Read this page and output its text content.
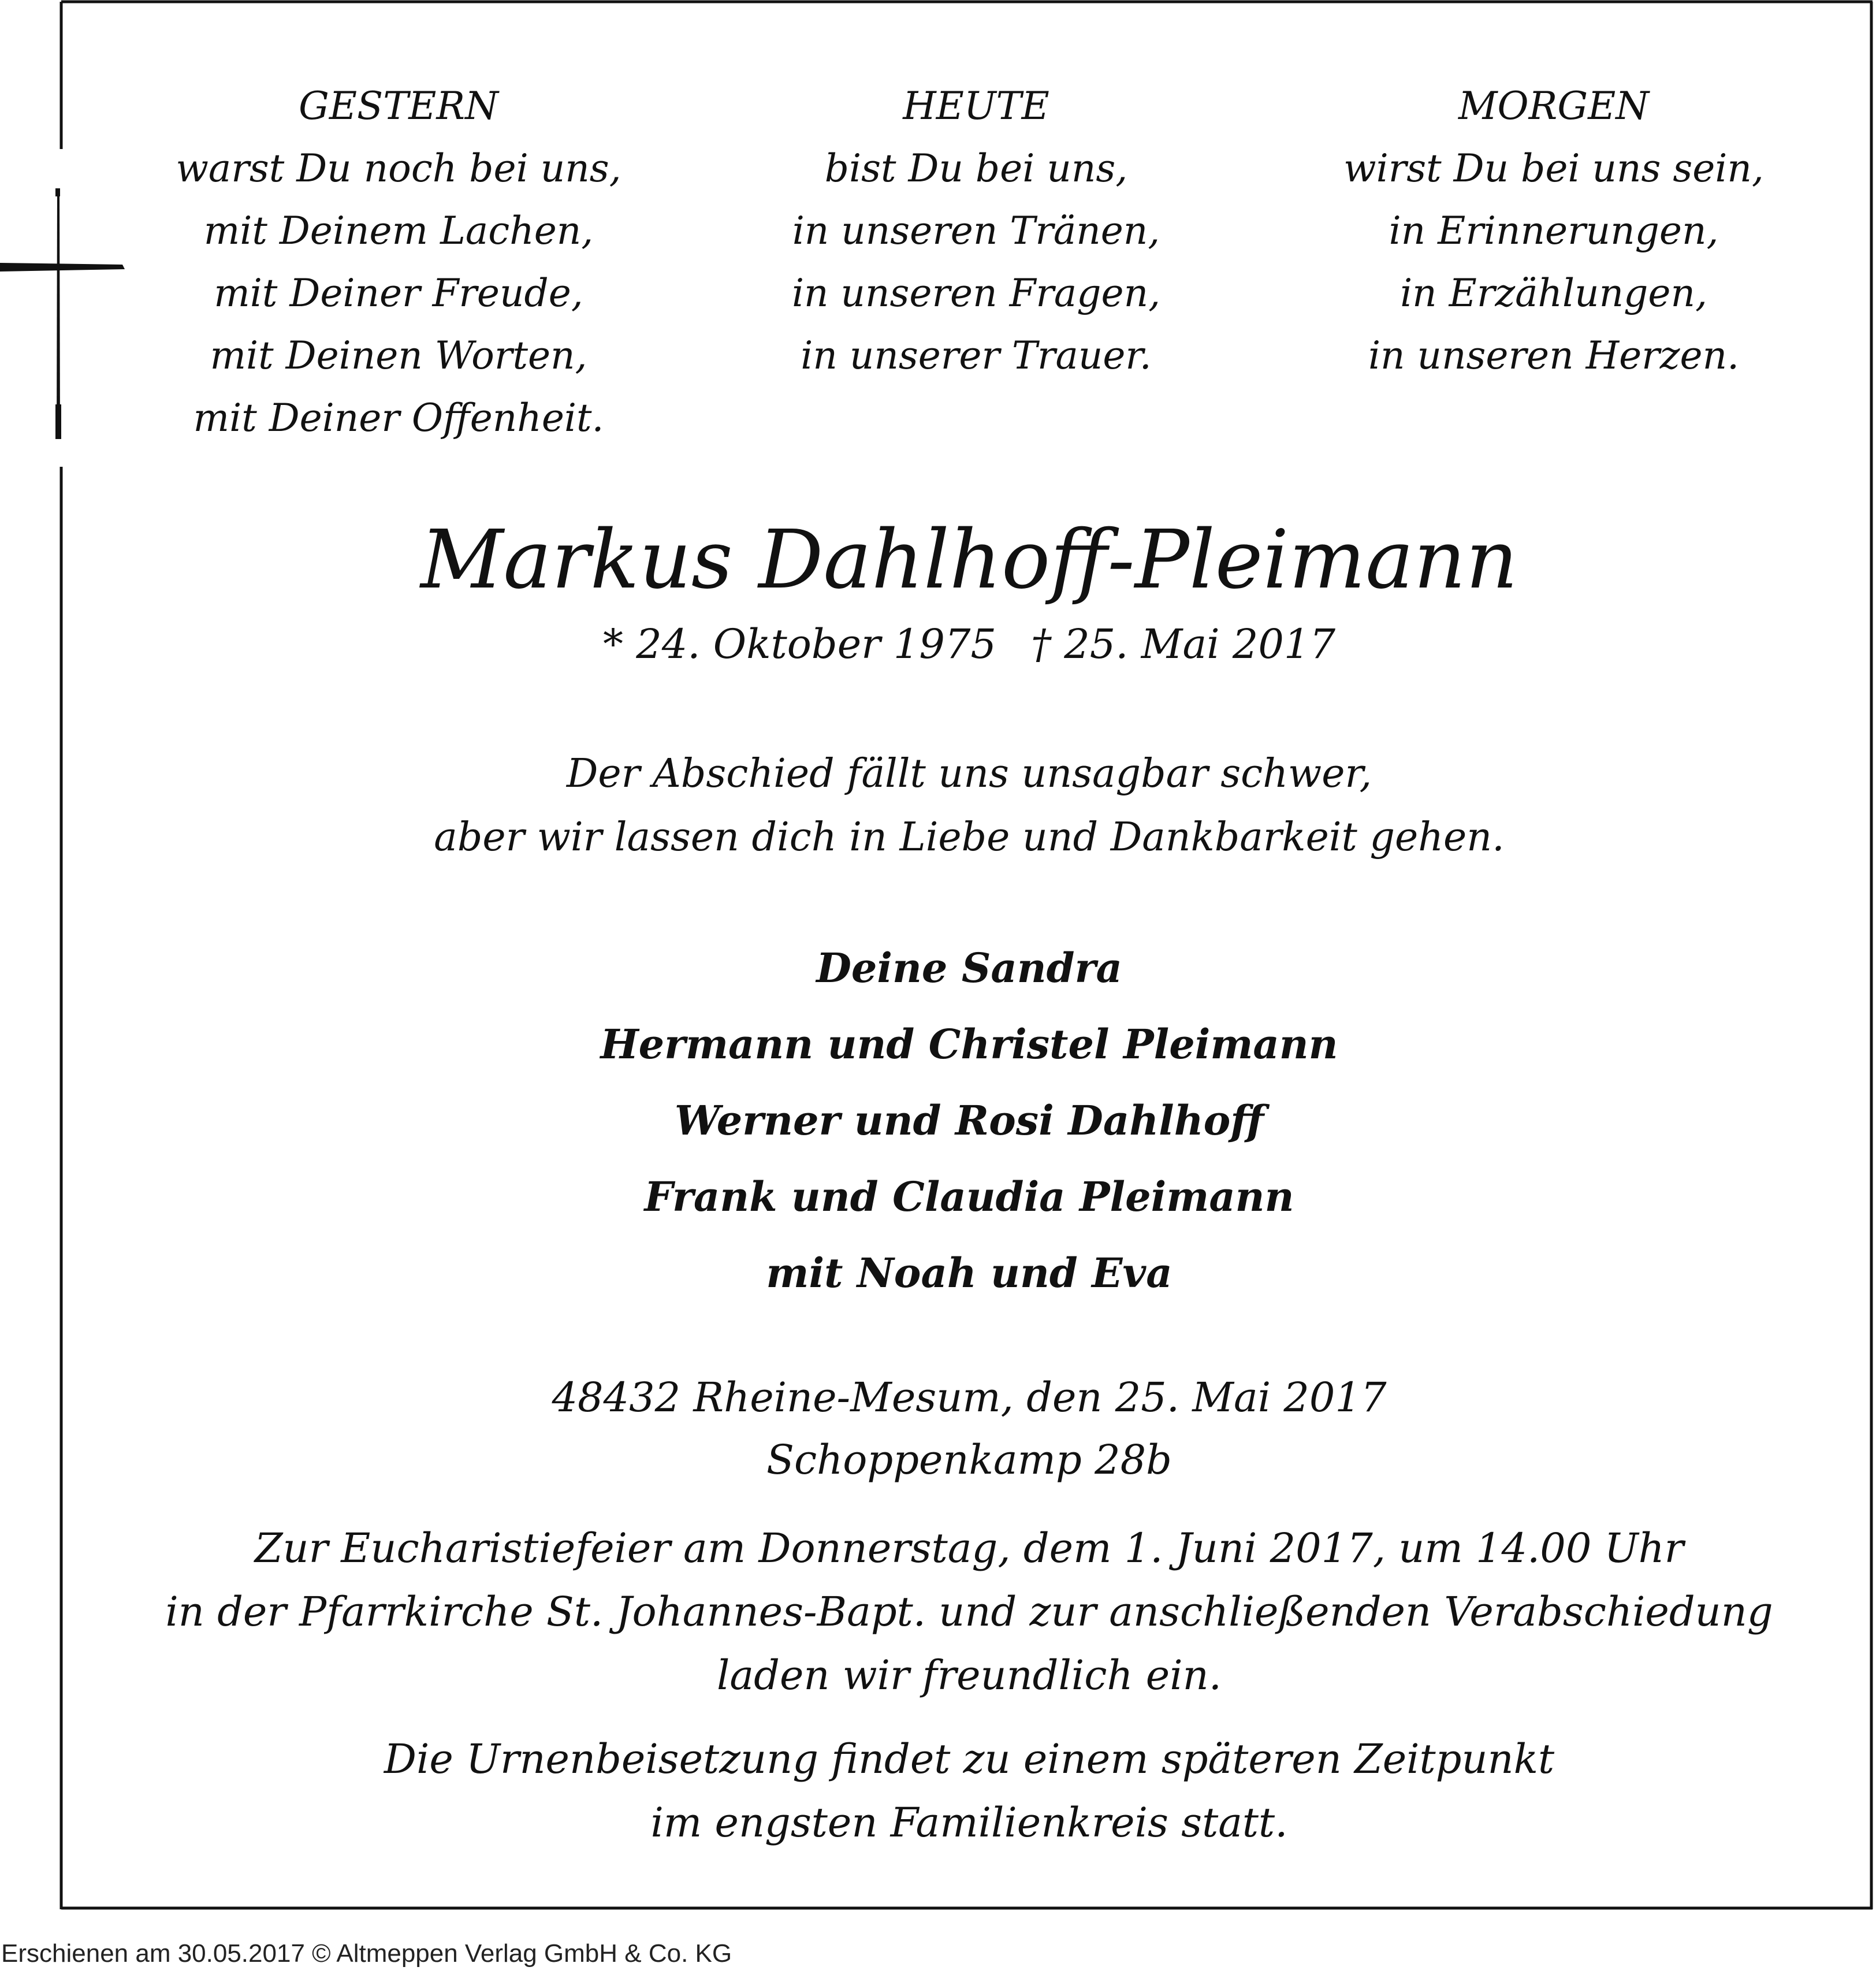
GESTERN
warst Du noch bei uns,
mit Deinem Lachen,
mit Deiner Freude,
mit Deinen Worten,
mit Deiner Offenheit.
HEUTE
bist Du bei uns,
in unseren Tränen,
in unseren Fragen,
in unserer Trauer.
MORGEN
wirst Du bei uns sein,
in Erinnerungen,
in Erzählungen,
in unseren Herzen.
Markus Dahlhoff-Pleimann
* 24. Oktober 1975 † 25. Mai 2017
Der Abschied fällt uns unsagbar schwer,
aber wir lassen dich in Liebe und Dankbarkeit gehen.
Deine Sandra
Hermann und Christel Pleimann
Werner und Rosi Dahlhoff
Frank und Claudia Pleimann
mit Noah und Eva
48432 Rheine-Mesum, den 25. Mai 2017
Schoppenkamp 28b
Zur Eucharistiefeier am Donnerstag, dem 1. Juni 2017, um 14.00 Uhr
in der Pfarrkirche St. Johannes-Bapt. und zur anschließenden Verabschiedung
laden wir freundlich ein.
Die Urnenbeisetzung findet zu einem späteren Zeitpunkt
im engsten Familienkreis statt.
Erschienen am 30.05.2017 © Altmeppen Verlag GmbH & Co. KG
